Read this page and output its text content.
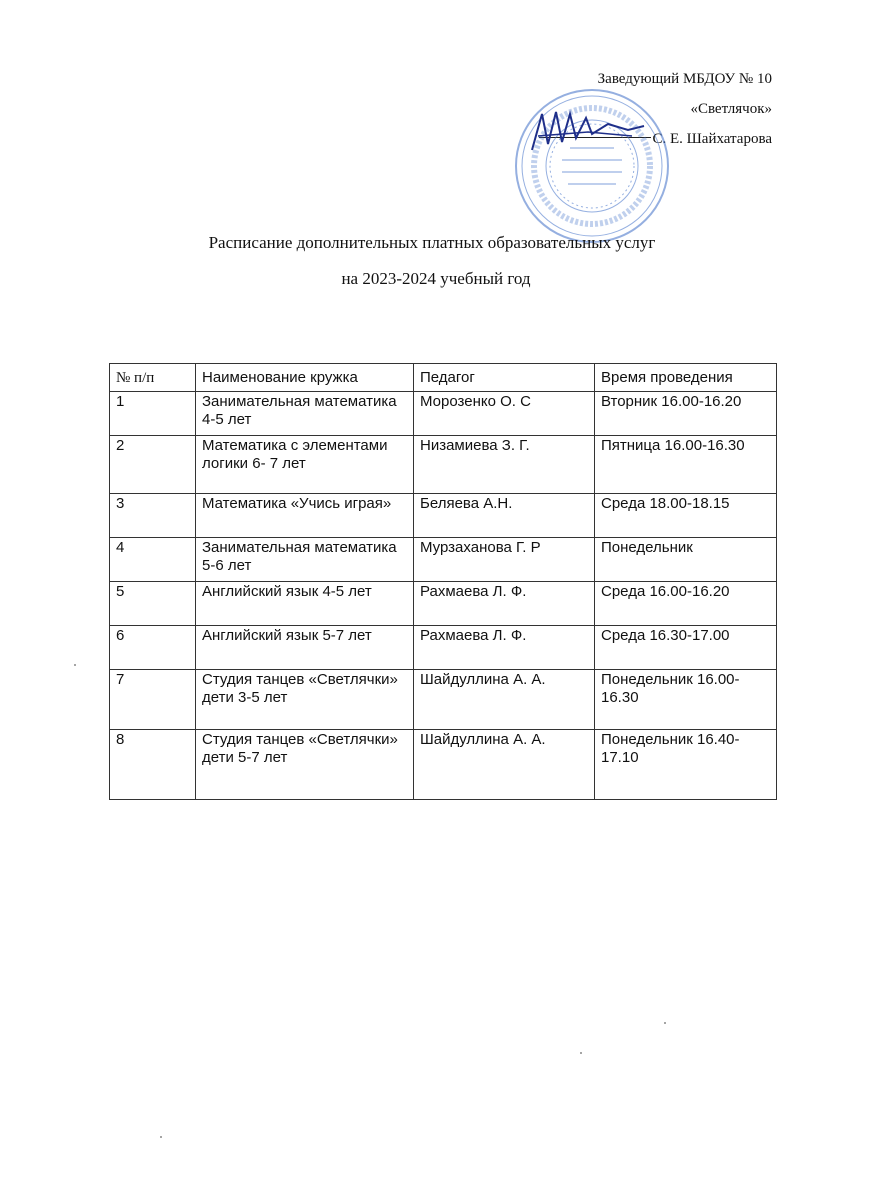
Заведующий МБДОУ № 10
«Светлячок»
С. Е. Шайхатарова
Расписание дополнительных платных образовательных услуг
на 2023-2024 учебный год
№ п/п	Наименование кружка	Педагог	Время проведения
1	Занимательная математика 4-5 лет	Морозенко О. С	Вторник 16.00-16.20
2	Математика с элементами логики 6- 7 лет	Низамиева З. Г.	Пятница 16.00-16.30
3	Математика «Учись играя»	Беляева А.Н.	Среда 18.00-18.15
4	Занимательная математика 5-6 лет	Мурзаханова Г. Р	Понедельник
5	Английский язык 4-5 лет	Рахмаева Л. Ф.	Среда 16.00-16.20
6	Английский язык 5-7 лет	Рахмаева Л. Ф.	Среда 16.30-17.00
7	Студия танцев «Светлячки» дети 3-5 лет	Шайдуллина А. А.	Понедельник 16.00-16.30
8	Студия танцев «Светлячки» дети 5-7 лет	Шайдуллина А. А.	Понедельник 16.40-17.10
